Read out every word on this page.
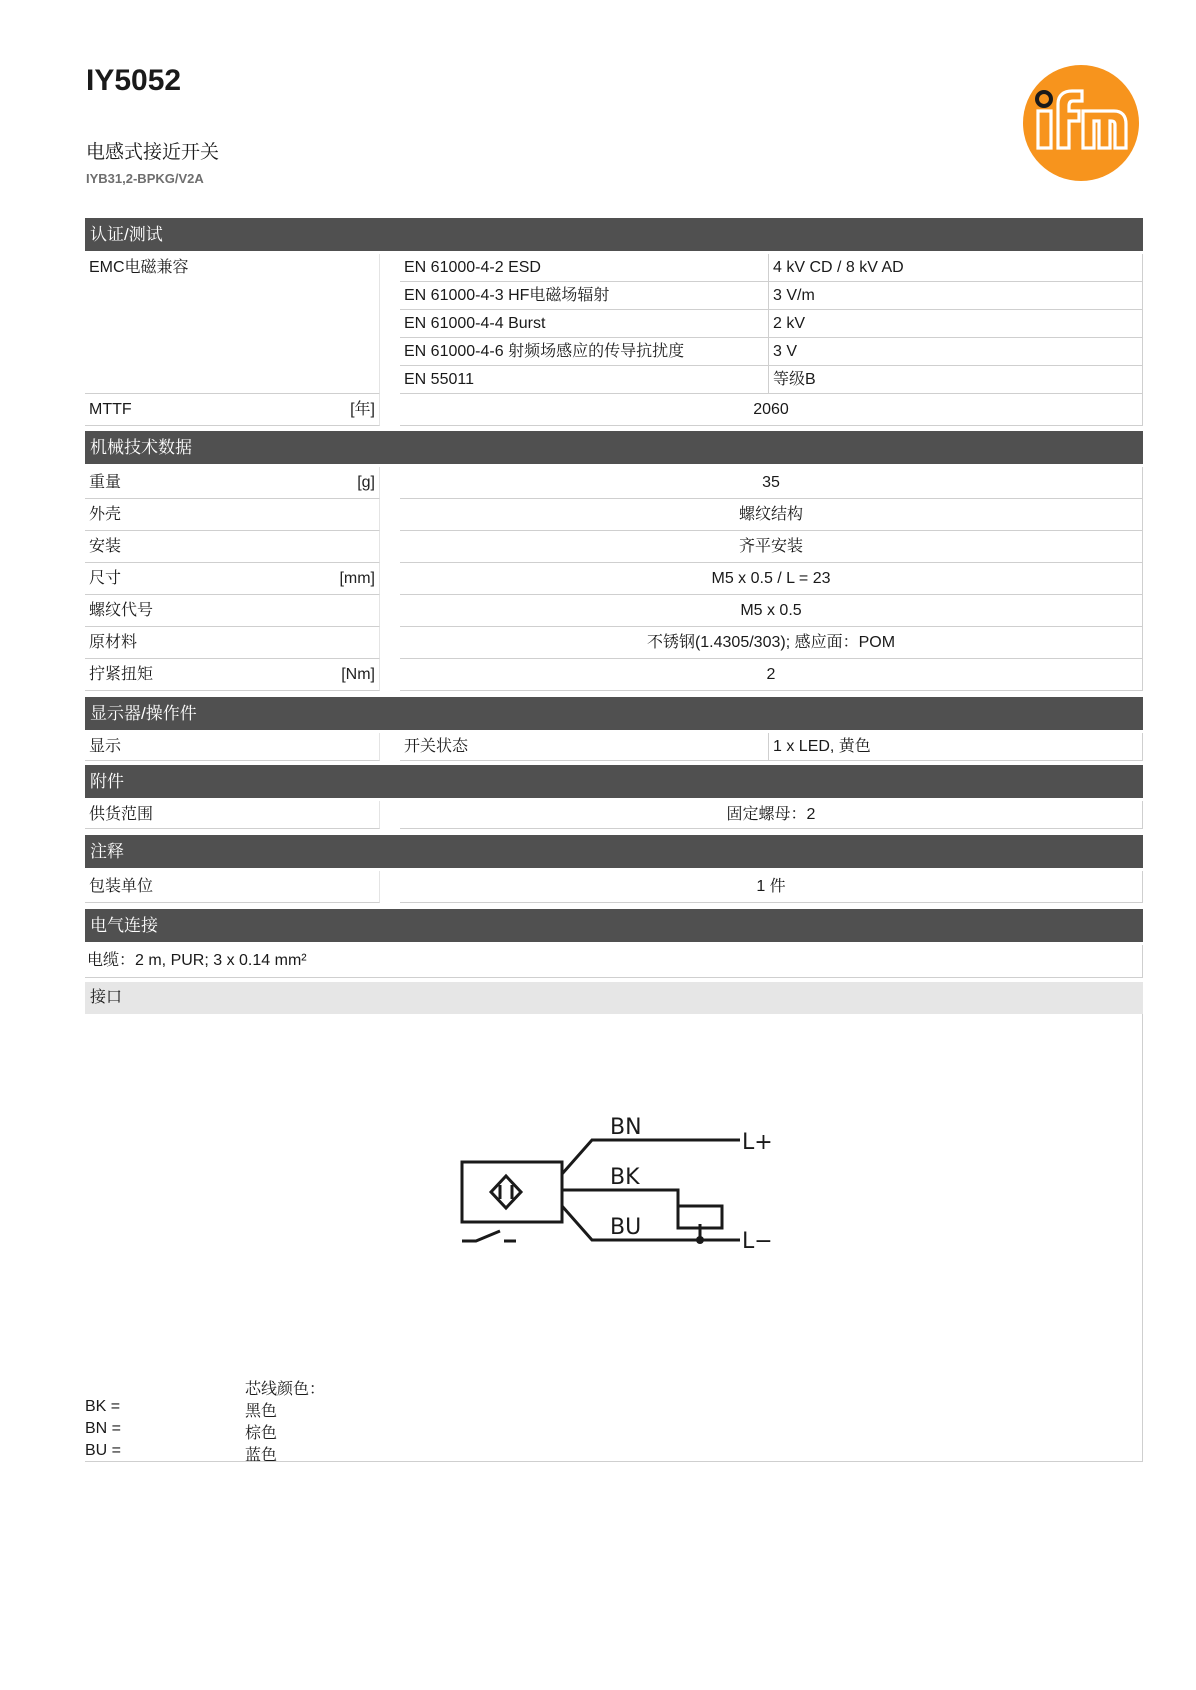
IY5052
电感式接近开关
IYB31,2-BPKG/V2A
认证/测试
EMC电磁兼容	EN 61000-4-2 ESD	4 kV CD / 8 kV AD
EN 61000-4-3 HF电磁场辐射	3 V/m
EN 61000-4-4 Burst	2 kV
EN 61000-4-6 射频场感应的传导抗扰度	3 V
EN 55011	等级B
MTTF	[年]	2060
机械技术数据
重量	[g]	35
外壳	螺纹结构
安装	齐平安装
尺寸	[mm]	M5 x 0.5 / L = 23
螺纹代号	M5 x 0.5
原材料	不锈钢(1.4305/303); 感应面：POM
拧紧扭矩	[Nm]	2
显示器/操作件
显示	开关状态	1 x LED, 黄色
附件
供货范围	固定螺母：2
注释
包装单位	1 件
电气连接
电缆：2 m, PUR; 3 x 0.14 mm²
接口
BN
BK
BU
L+
L−
芯线颜色：
BK =	黑色
BN =	棕色
BU =	蓝色
